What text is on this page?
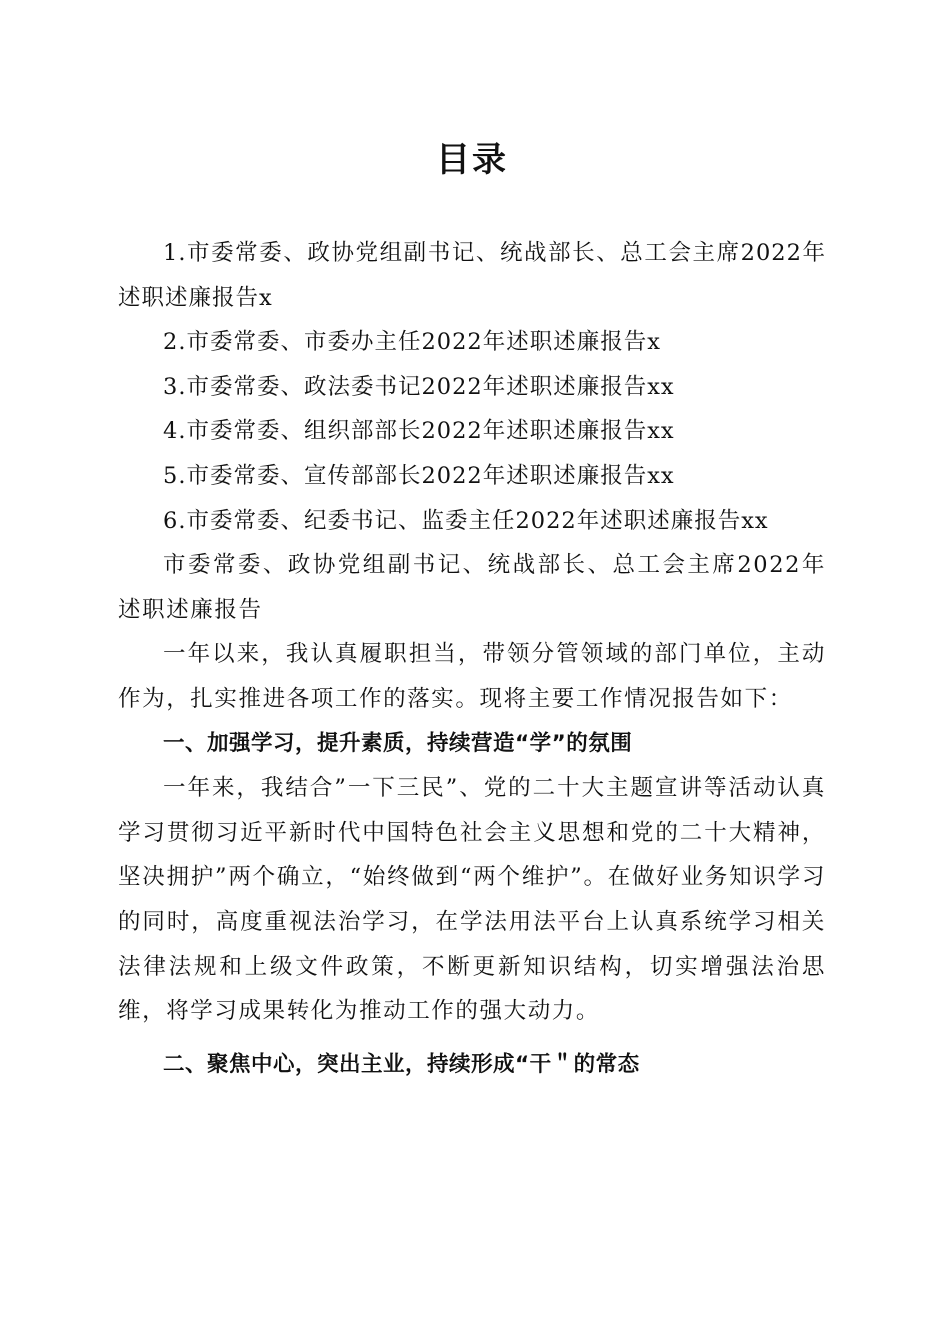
目录

1.市委常委、政协党组副书记、统战部长、总工会主席2022年述职述廉报告x

2.市委常委、市委办主任2022年述职述廉报告x

3.市委常委、政法委书记2022年述职述廉报告xx

4.市委常委、组织部部长2022年述职述廉报告xx

5.市委常委、宣传部部长2022年述职述廉报告xx

6.市委常委、纪委书记、监委主任2022年述职述廉报告xx

市委常委、政协党组副书记、统战部长、总工会主席2022年述职述廉报告

一年以来，我认真履职担当，带领分管领域的部门单位，主动作为，扎实推进各项工作的落实。现将主要工作情况报告如下：

一、加强学习，提升素质，持续营造“学”的氛围

一年来，我结合”一下三民”、党的二十大主题宣讲等活动认真学习贯彻习近平新时代中国特色社会主义思想和党的二十大精神，坚决拥护”两个确立，“始终做到“两个维护”。在做好业务知识学习的同时，高度重视法治学习，在学法用法平台上认真系统学习相关法律法规和上级文件政策，不断更新知识结构，切实增强法治思维，将学习成果转化为推动工作的强大动力。

二、聚焦中心，突出主业，持续形成“干＂的常态
